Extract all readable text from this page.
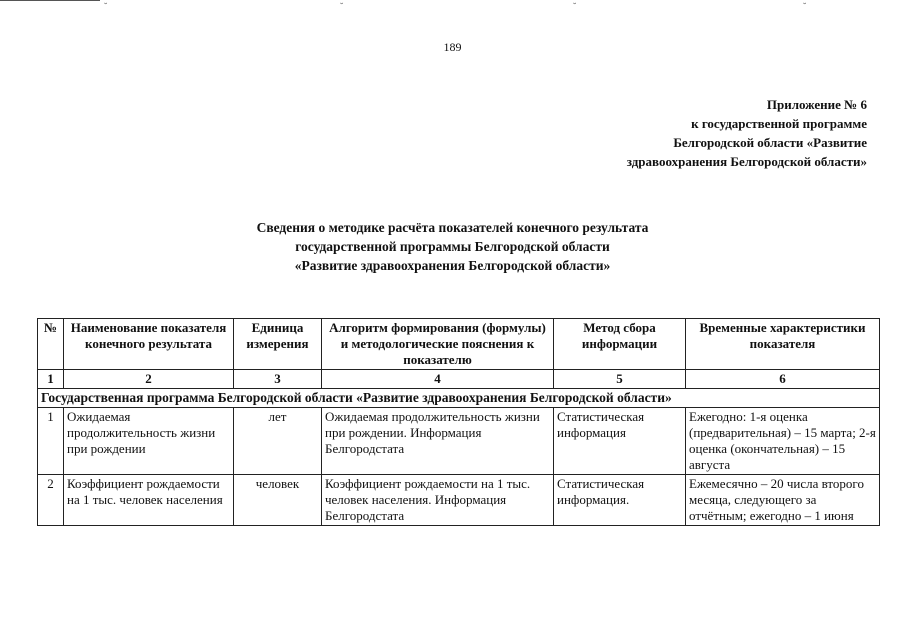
˘	˘	˘	˘
189
Приложение № 6
к государственной программе
Белгородской области «Развитие
здравоохранения Белгородской области»
Сведения о методике расчёта показателей конечного результата
государственной программы Белгородской области
«Развитие здравоохранения Белгородской области»
№	Наименование показателя конечного результата	Единица измерения	Алгоритм формирования (формулы) и методологические пояснения к показателю	Метод сбора информации	Временные характеристики показателя
1	2	3	4	5	6
Государственная программа Белгородской области «Развитие здравоохранения Белгородской области»					
1	Ожидаемая продолжительность жизни при рождении	лет	Ожидаемая продолжительность жизни при рождении. Информация Белгородстата	Статистическая информация	Ежегодно: 1-я оценка (предварительная) – 15 марта; 2-я оценка (окончательная) – 15 августа
2	Коэффициент рождаемости на 1 тыс. человек населения	человек	Коэффициент рождаемости на 1 тыс. человек населения. Информация Белгородстата	Статистическая информация.	Ежемесячно – 20 числа второго месяца, следующего за отчётным; ежегодно – 1 июня
